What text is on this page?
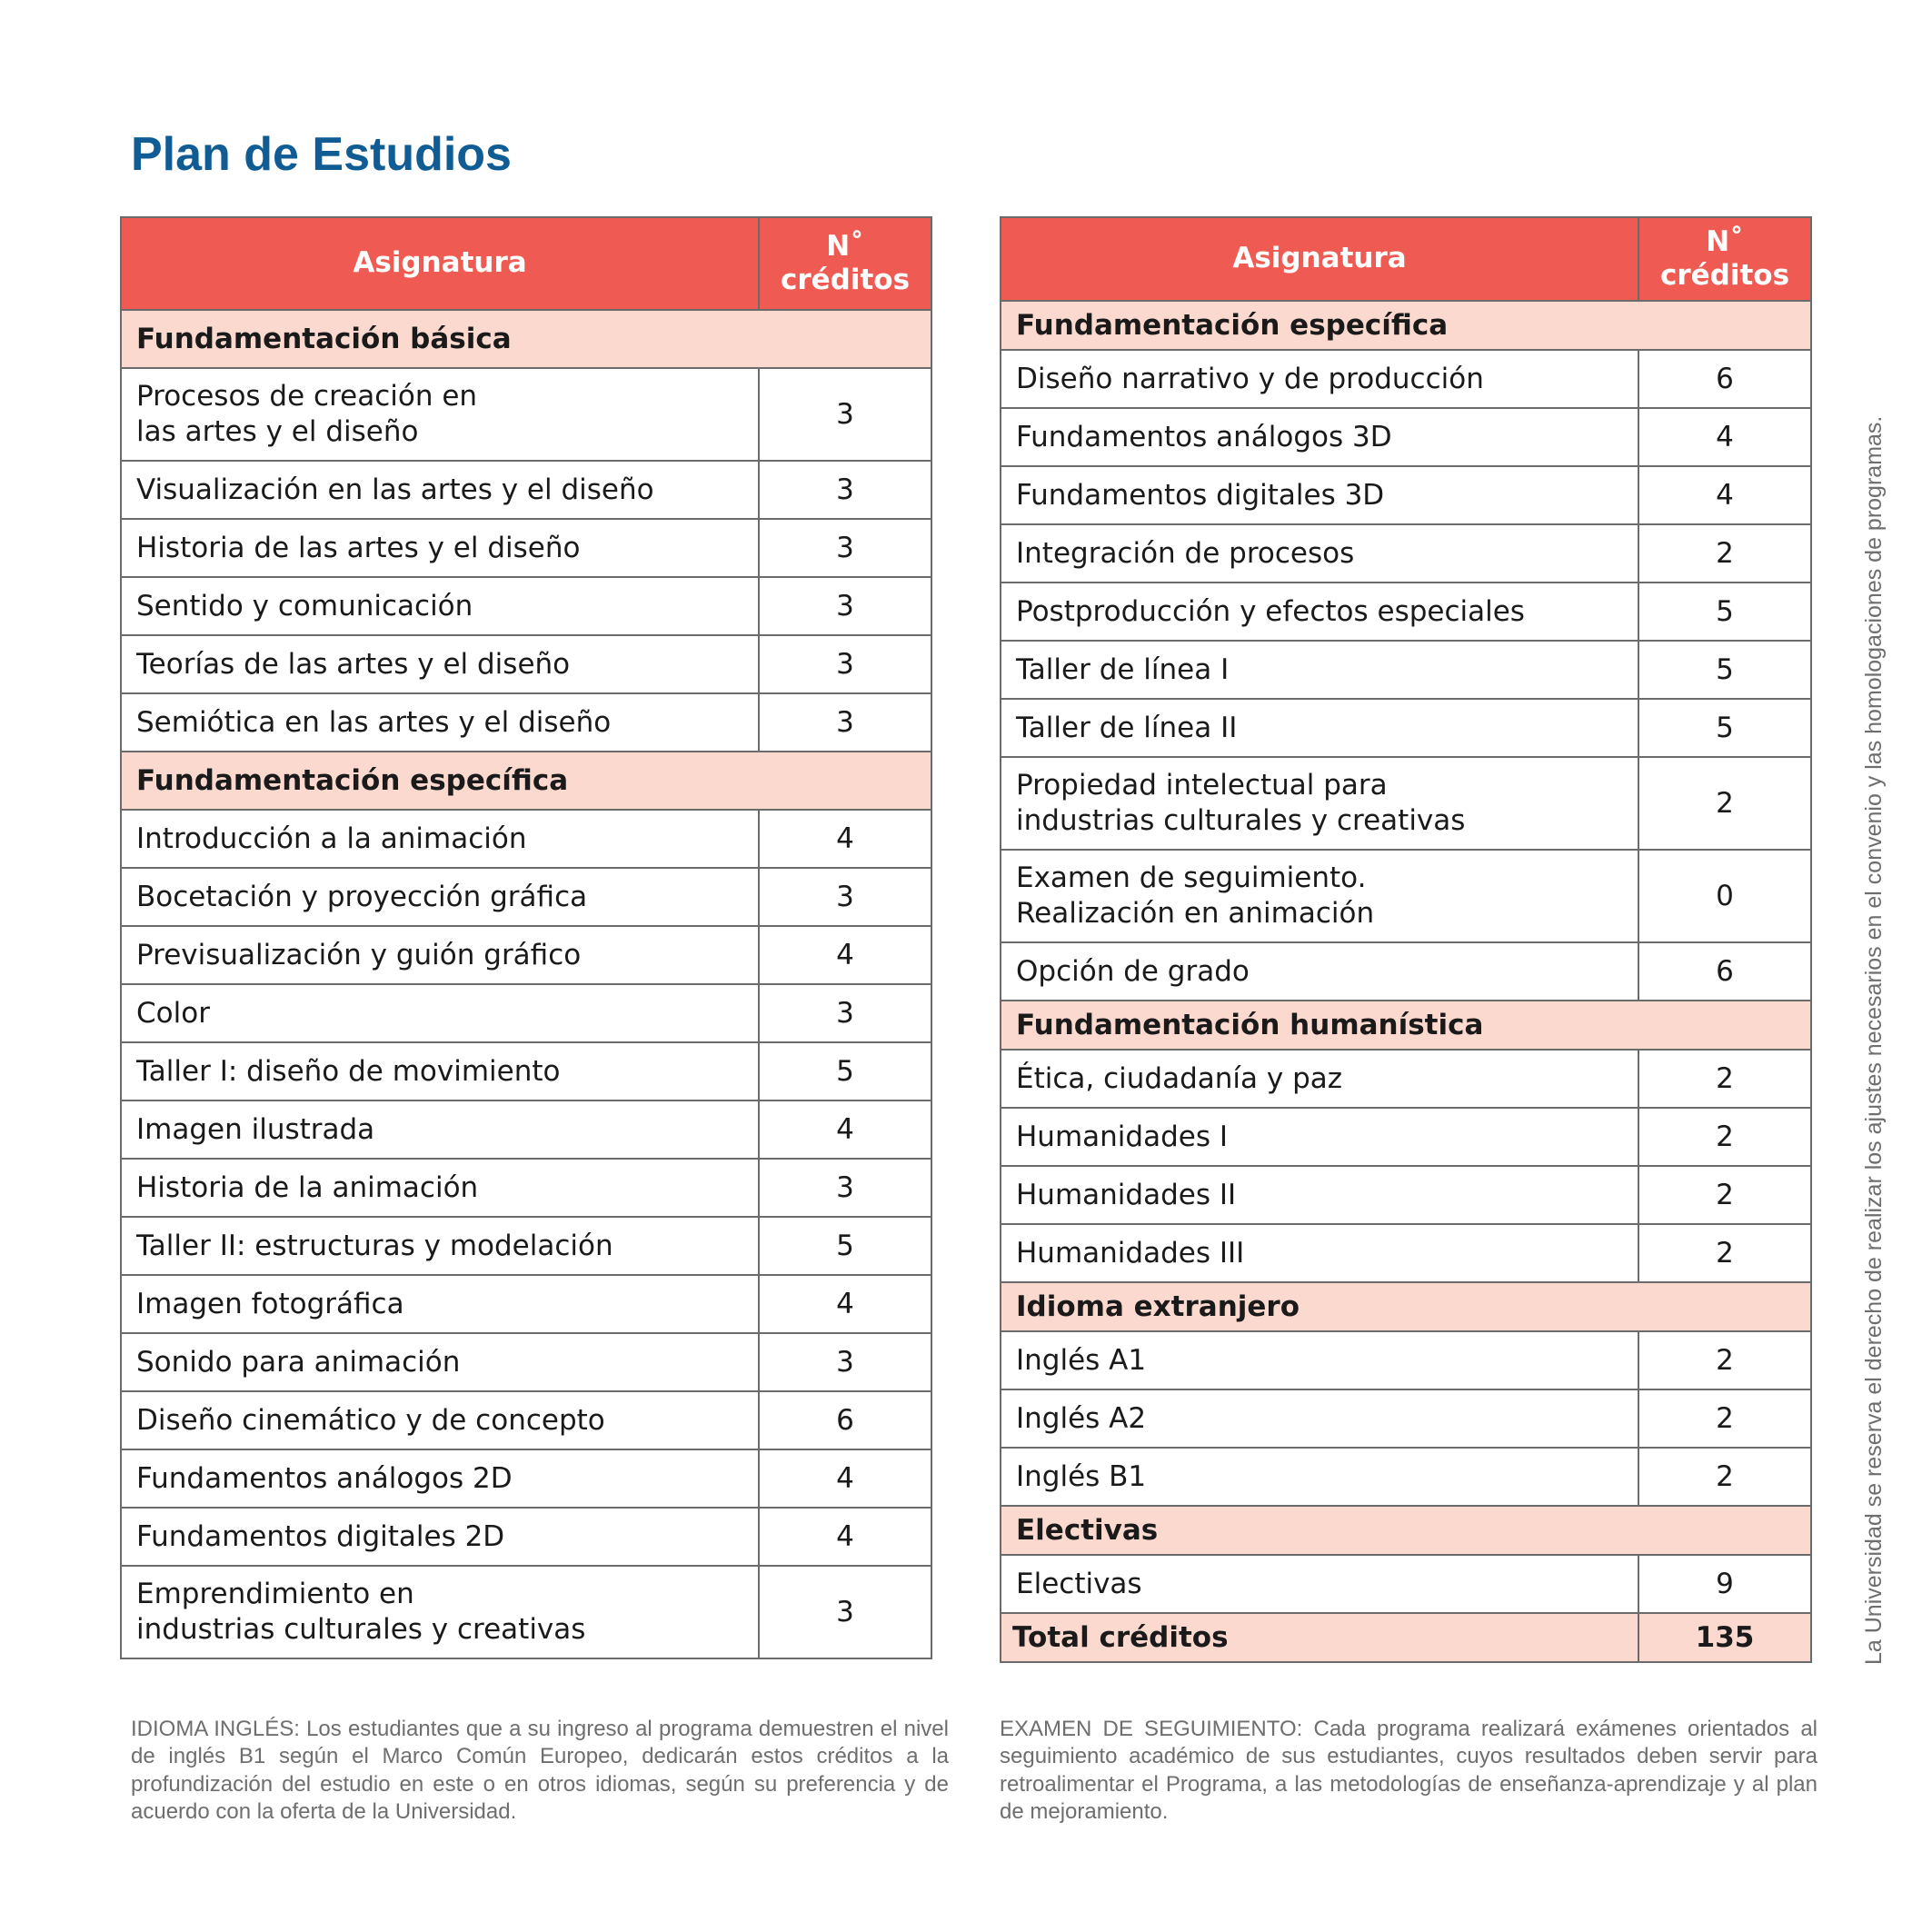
Plan de Estudios
Asignatura	N˚
créditos
Fundamentación básica	
Procesos de creación en
las artes y el diseño	3
Visualización en las artes y el diseño	3
Historia de las artes y el diseño	3
Sentido y comunicación	3
Teorías de las artes y el diseño	3
Semiótica en las artes y el diseño	3
Fundamentación específica	
Introducción a la animación	4
Bocetación y proyección gráfica	3
Previsualización y guión gráfico	4
Color	3
Taller I: diseño de movimiento	5
Imagen ilustrada	4
Historia de la animación	3
Taller II: estructuras y modelación	5
Imagen fotográfica	4
Sonido para animación	3
Diseño cinemático y de concepto	6
Fundamentos análogos 2D	4
Fundamentos digitales 2D	4
Emprendimiento en
industrias culturales y creativas	3
Asignatura	N˚
créditos
Fundamentación específica	
Diseño narrativo y de producción	6
Fundamentos análogos 3D	4
Fundamentos digitales 3D	4
Integración de procesos	2
Postproducción y efectos especiales	5
Taller de línea I	5
Taller de línea II	5
Propiedad intelectual para
industrias culturales y creativas	2
Examen de seguimiento.
Realización en animación	0
Opción de grado	6
Fundamentación humanística	
Ética, ciudadanía y paz	2
Humanidades I	2
Humanidades II	2
Humanidades III	2
Idioma extranjero	
Inglés A1	2
Inglés A2	2
Inglés B1	2
Electivas	
Electivas	9
Total créditos	135

IDIOMA INGLÉS: Los estudiantes que a su ingreso al programa demuestren el nivel de inglés B1 según el Marco Común Europeo, dedicarán estos créditos a la profundización del estudio en este o en otros idiomas, según su preferencia y de acuerdo con la oferta de la Universidad.

EXAMEN DE SEGUIMIENTO: Cada programa realizará exámenes orientados al seguimiento académico de sus estudiantes, cuyos resultados deben servir para retroalimentar el Programa, a las metodologías de enseñanza-aprendizaje y al plan de mejoramiento.

La Universidad se reserva el derecho de realizar los ajustes necesarios en el convenio y las homologaciones de programas.
